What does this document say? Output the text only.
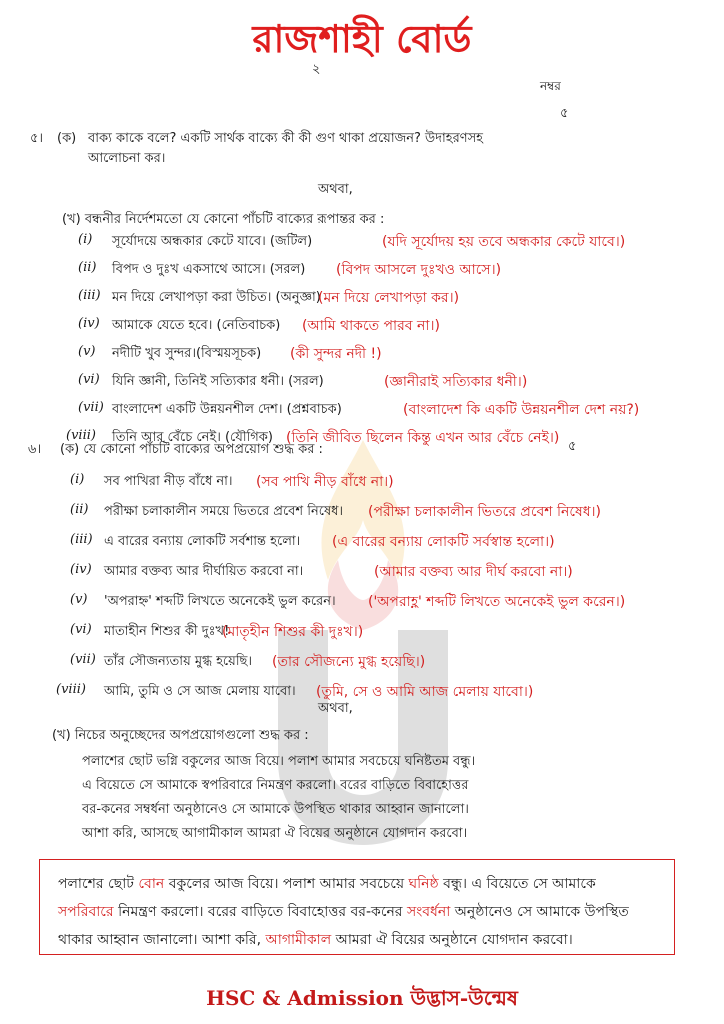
রাজশাহী বোর্ড
২
নম্বর
৫। (ক) বাক্য কাকে বলে? একটি সার্থক বাক্যে কী কী গুণ থাকা প্রয়োজন? উদাহরণসহ
আলোচনা কর।
৫
অথবা,
(খ) বন্ধনীর নির্দেশমতো যে কোনো পাঁচটি বাক্যের রূপান্তর কর :
(i) সূর্যোদয়ে অন্ধকার কেটে যাবে। (জটিল)
(ii) বিপদ ও দুঃখ একসাথে আসে। (সরল)
(iii) মন দিয়ে লেখাপড়া করা উচিত। (অনুজ্ঞা)
(iv) আমাকে যেতে হবে। (নেতিবাচক)
(v) নদীটি খুব সুন্দর।(বিস্ময়সূচক)
(vi) যিনি জ্ঞানী, তিনিই সত্যিকার ধনী। (সরল)
(vii) বাংলাদেশ একটি উন্নয়নশীল দেশ। (প্রশ্নবাচক)
(viii) তিনি আর বেঁচে নেই। (যৌগিক)
(যদি সূর্যোদয় হয় তবে অন্ধকার কেটে যাবে।)
(বিপদ আসলে দুঃখও আসে।)
(মন দিয়ে লেখাপড়া কর।)
(আমি থাকতে পারব না।)
(কী সুন্দর নদী !)
(জ্ঞানীরাই সত্যিকার ধনী।)
(বাংলাদেশ কি একটি উন্নয়নশীল দেশ নয়?)
(তিনি জীবিত ছিলেন কিন্তু এখন আর বেঁচে নেই।)
৬। (ক) যে কোনো পাঁচটি বাক্যের অপপ্রয়োগ শুদ্ধ কর :	৫
(i) সব পাখিরা নীড় বাঁধে না। (সব পাখি নীড় বাঁধে না।)
(ii) পরীক্ষা চলাকালীন সময়ে ভিতরে প্রবেশ নিষেধ। (পরীক্ষা চলাকালীন ভিতরে প্রবেশ নিষেধ।)
(iii) এ বারের বন্যায় লোকটি সর্বশান্ত হলো। (এ বারের বন্যায় লোকটি সর্বস্বান্ত হলো।)
(iv) আমার বক্তব্য আর দীর্ঘায়িত করবো না।	(আমার বক্তব্য আর দীর্ঘ করবো না।)
(v) 'অপরাহ্ন' শব্দটি লিখতে অনেকেই ভুল করেন। ('অপরাহ্ণ' শব্দটি লিখতে অনেকেই ভুল করেন।)
(vi) মাতাহীন শিশুর কী দুঃখ!
(মাতৃহীন শিশুর কী দুঃখ।)
(vii) তাঁর সৌজন্যতায় মুগ্ধ হয়েছি। (তার সৌজন্যে মুগ্ধ হয়েছি।)
(viii) আমি, তুমি ও সে আজ মেলায় যাবো। (তুমি, সে ও আমি আজ মেলায় যাবো।)
অথবা,
(খ) নিচের অনুচ্ছেদের অপপ্রয়োগগুলো শুদ্ধ কর :
পলাশের ছোট ভগ্নি বকুলের আজ বিয়ে। পলাশ আমার সবচেয়ে ঘনিষ্টতম বন্ধু।
এ বিয়েতে সে আমাকে স্বপরিবারে নিমন্ত্রণ করলো। বরের বাড়িতে বিবাহোত্তর
বর-কনের সম্বর্ধনা অনুষ্ঠানেও সে আমাকে উপস্থিত থাকার আহ্বান জানালো।
আশা করি, আসছে আগামীকাল আমরা ঐ বিয়ের অনুষ্ঠানে যোগদান করবো।

পলাশের ছোট বোন বকুলের আজ বিয়ে। পলাশ আমার সবচেয়ে ঘনিষ্ঠ বন্ধু। এ বিয়েতে সে আমাকে

সপরিবারে নিমন্ত্রণ করলো। বরের বাড়িতে বিবাহোত্তর বর-কনের সংবর্ধনা অনুষ্ঠানেও সে আমাকে উপস্থিত

থাকার আহ্বান জানালো। আশা করি, আগামীকাল আমরা ঐ বিয়ের অনুষ্ঠানে যোগদান করবো।

HSC & Admission উদ্ভাস-উন্মেষ
